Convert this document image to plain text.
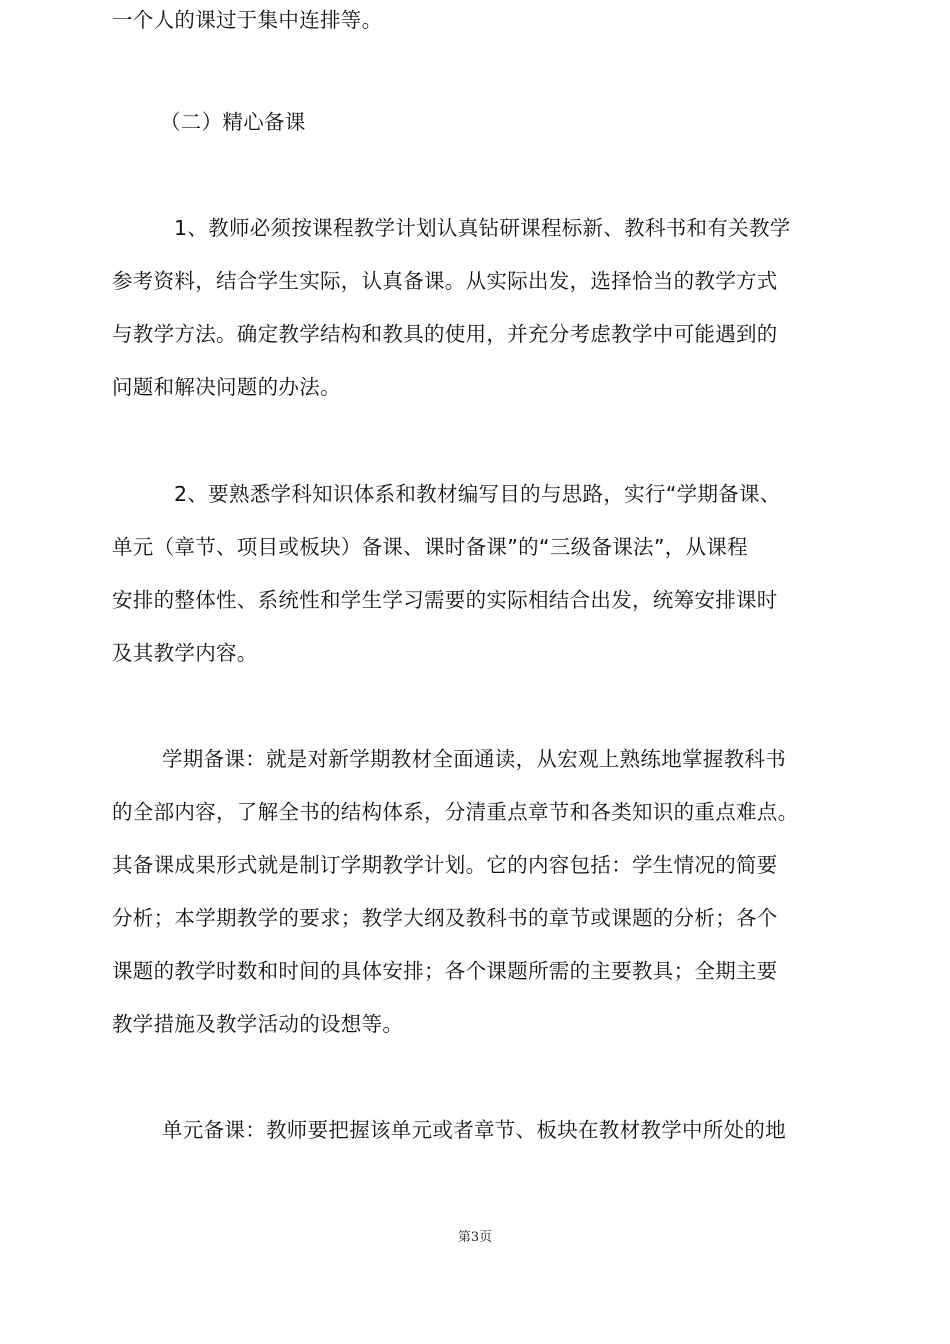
一个人的课过于集中连排等。
（二）精心备课
1、教师必须按课程教学计划认真钻研课程标新、教科书和有关教学
参考资料，结合学生实际，认真备课。从实际出发，选择恰当的教学方式
与教学方法。确定教学结构和教具的使用，并充分考虑教学中可能遇到的
问题和解决问题的办法。
2、要熟悉学科知识体系和教材编写目的与思路，实行“学期备课、
单元（章节、项目或板块）备课、课时备课”的“三级备课法”，从课程
安排的整体性、系统性和学生学习需要的实际相结合出发，统筹安排课时
及其教学内容。
学期备课：就是对新学期教材全面通读，从宏观上熟练地掌握教科书
的全部内容，了解全书的结构体系，分清重点章节和各类知识的重点难点。
其备课成果形式就是制订学期教学计划。它的内容包括：学生情况的简要
分析；本学期教学的要求；教学大纲及教科书的章节或课题的分析；各个
课题的教学时数和时间的具体安排；各个课题所需的主要教具；全期主要
教学措施及教学活动的设想等。
单元备课：教师要把握该单元或者章节、板块在教材教学中所处的地
第3页
